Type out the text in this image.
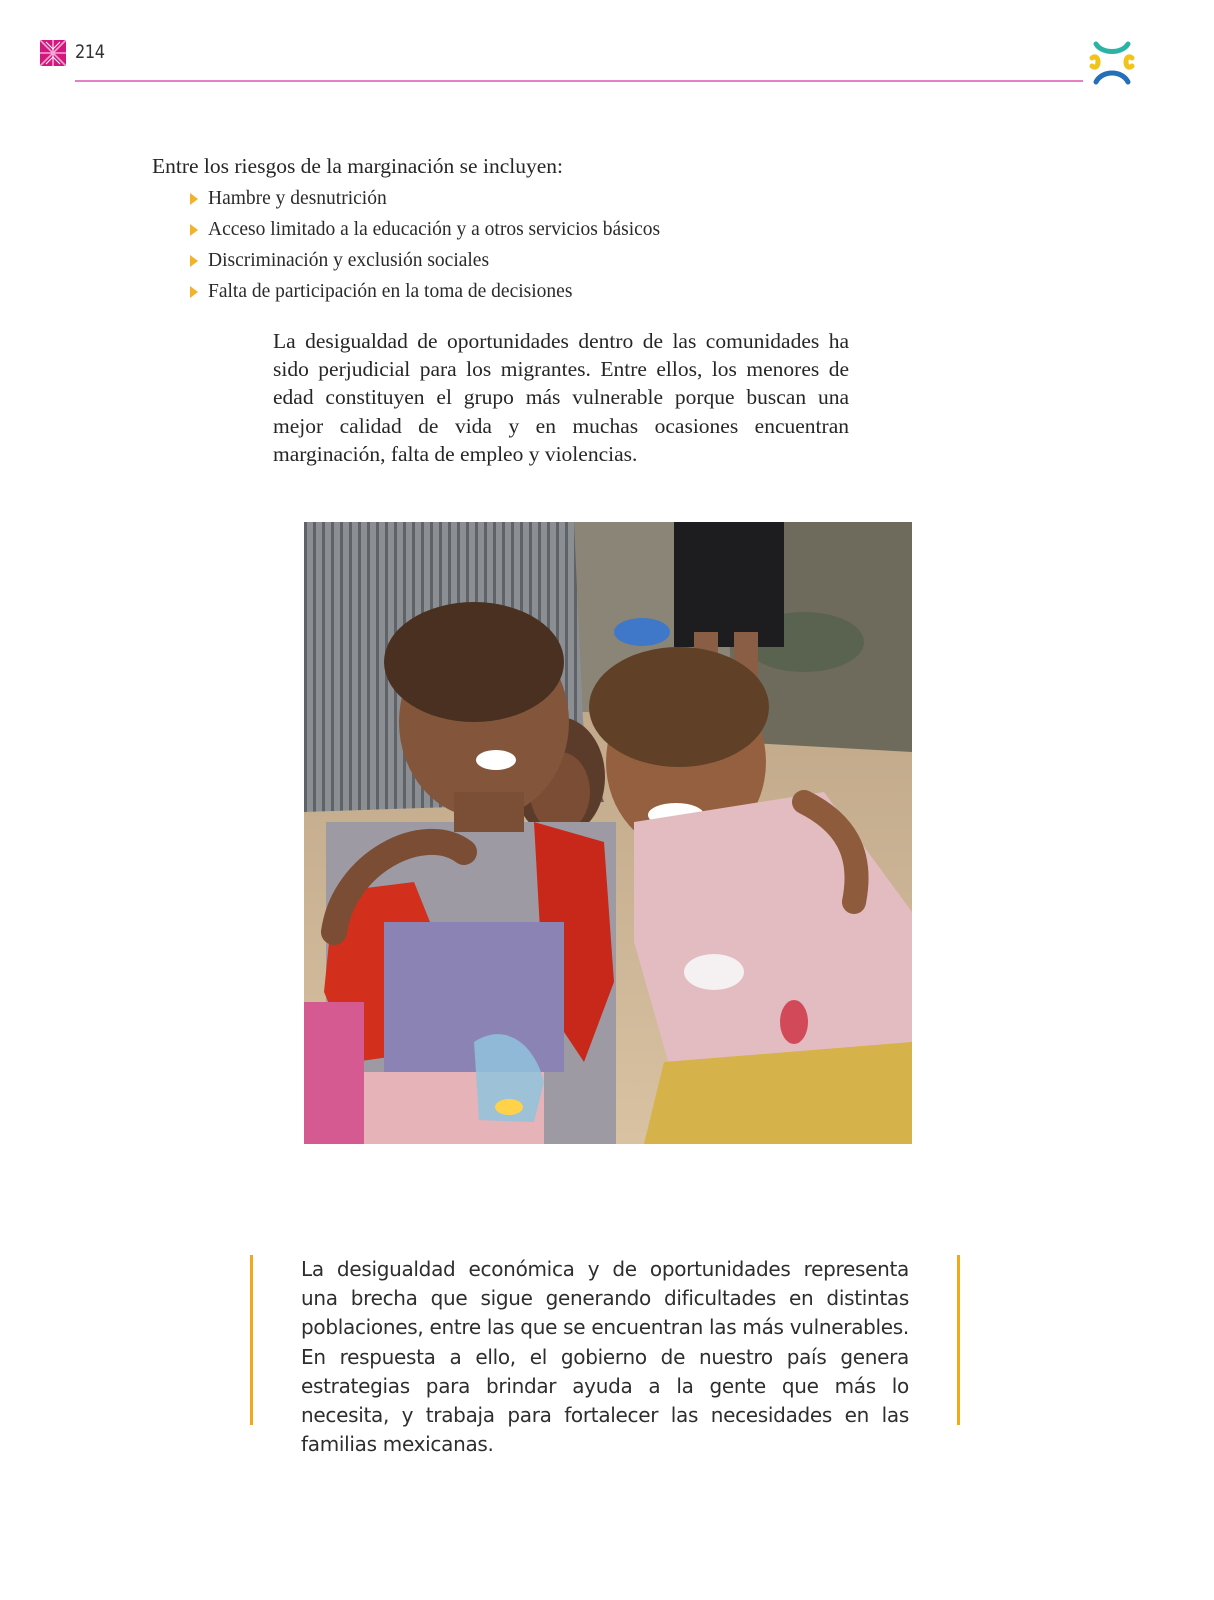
214
Entre los riesgos de la marginación se incluyen:
Hambre y desnutrición
Acceso limitado a la educación y a otros servicios básicos
Discriminación y exclusión sociales
Falta de participación en la toma de decisiones

La desigualdad de oportunidades dentro de las comunidades ha sido perjudicial para los migrantes. Entre ellos, los menores de edad constituyen el grupo más vulnerable porque buscan una mejor calidad de vida y en muchas ocasiones encuentran marginación, falta de empleo y violencias.

La desigualdad económica y de oportunidades representa una brecha que sigue generando dificultades en distintas poblaciones, entre las que se encuentran las más vulnerables. En respuesta a ello, el gobierno de nuestro país genera estrategias para brindar ayuda a la gente que más lo necesita, y trabaja para fortalecer las necesidades en las familias mexicanas.
